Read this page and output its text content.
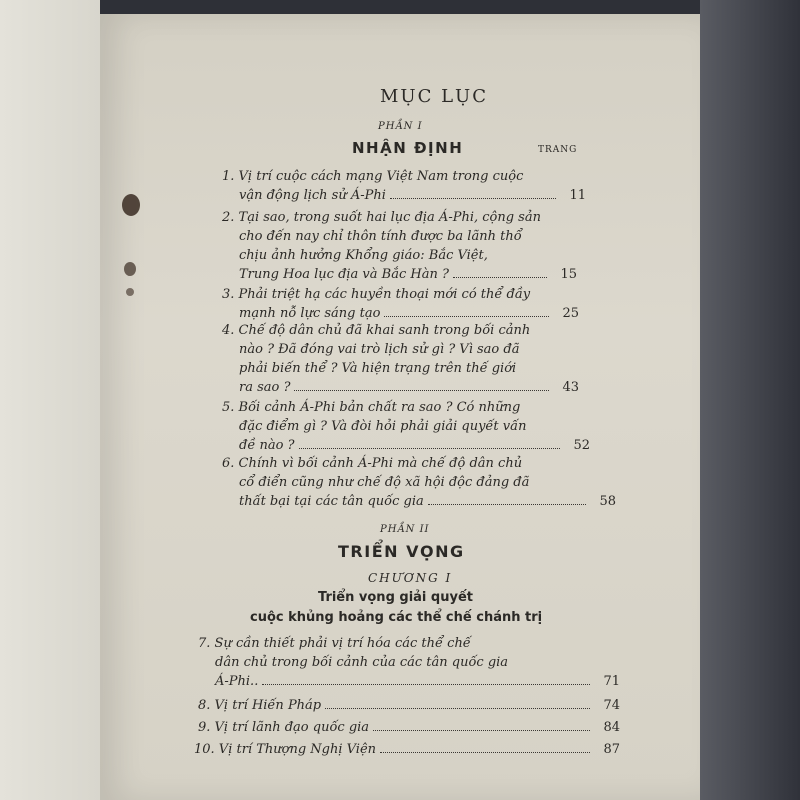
MỤC LỤC
PHẦN I
NHẬN ĐỊNH	TRANG
1. Vị trí cuộc cách mạng Việt Nam trong cuộc
vận động lịch sử Á-Phi	11
2. Tại sao, trong suốt hai lục địa Á-Phi, cộng sản
cho đến nay chỉ thôn tính được ba lãnh thổ
chịu ảnh hưởng Khổng giáo: Bắc Việt,
Trung Hoa lục địa và Bắc Hàn ?	15
3. Phải triệt hạ các huyền thoại mới có thể đầy
mạnh nỗ lực sáng tạo	25
4. Chế độ dân chủ đã khai sanh trong bối cảnh
nào ? Đã đóng vai trò lịch sử gì ? Vì sao đã
phải biến thể ? Và hiện trạng trên thế giới
ra sao ?	43
5. Bối cảnh Á-Phi bản chất ra sao ? Có những
đặc điểm gì ? Và đòi hỏi phải giải quyết vấn
đề nào ?	52
6. Chính vì bối cảnh Á-Phi mà chế độ dân chủ
cổ điển cũng như chế độ xã hội độc đảng đã
thất bại tại các tân quốc gia	58
PHẦN II
TRIỂN VỌNG
CHƯƠNG I
Triển vọng giải quyết
cuộc khủng hoảng các thể chế chánh trị
7. Sự cần thiết phải vị trí hóa các thể chế
dân chủ trong bối cảnh của các tân quốc gia
Á-Phi..	71
8. Vị trí Hiến Pháp	74
9. Vị trí lãnh đạo quốc gia	84
10. Vị trí Thượng Nghị Viện	87
